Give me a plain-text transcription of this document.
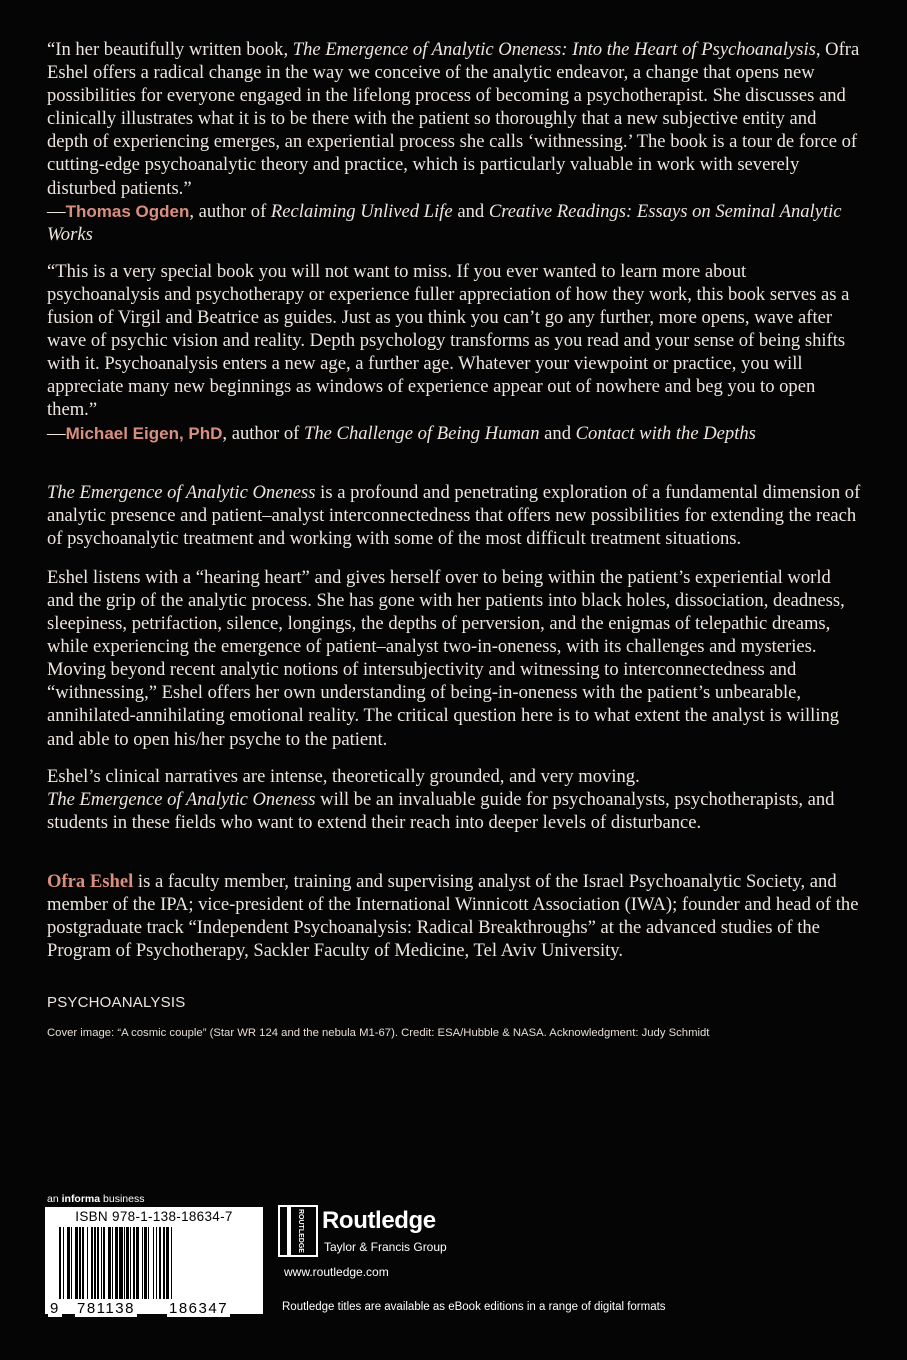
“In her beautifully written book, The Emergence of Analytic Oneness: Into the Heart of Psychoanalysis, Ofra Eshel offers a radical change in the way we conceive of the analytic endeavor, a change that opens new possibilities for everyone engaged in the lifelong process of becoming a psychotherapist. She discusses and clinically illustrates what it is to be there with the patient so thoroughly that a new subjective entity and depth of experiencing emerges, an experiential process she calls ‘withnessing.’ The book is a tour de force of cutting-edge psychoanalytic theory and practice, which is particularly valuable in work with severely disturbed patients.”

—Thomas Ogden, author of Reclaiming Unlived Life and Creative Readings: Essays on Seminal Analytic Works

“This is a very special book you will not want to miss. If you ever wanted to learn more about psychoanalysis and psychotherapy or experience fuller appreciation of how they work, this book serves as a fusion of Virgil and Beatrice as guides. Just as you think you can’t go any further, more opens, wave after wave of psychic vision and reality. Depth psychology transforms as you read and your sense of being shifts with it. Psychoanalysis enters a new age, a further age. Whatever your viewpoint or practice, you will appreciate many new beginnings as windows of experience appear out of nowhere and beg you to open them.”

—Michael Eigen, PhD, author of The Challenge of Being Human and Contact with the Depths

The Emergence of Analytic Oneness is a profound and penetrating exploration of a fundamental dimension of analytic presence and patient–analyst interconnectedness that offers new possibilities for extending the reach of psychoanalytic treatment and working with some of the most difficult treatment situations.

Eshel listens with a “hearing heart” and gives herself over to being within the patient’s experiential world and the grip of the analytic process. She has gone with her patients into black holes, dissociation, deadness, sleepiness, petrifaction, silence, longings, the depths of perversion, and the enigmas of telepathic dreams, while experiencing the emergence of patient–analyst two-in-oneness, with its challenges and mysteries. Moving beyond recent analytic notions of intersubjectivity and witnessing to interconnectedness and “withnessing,” Eshel offers her own understanding of being-in-oneness with the patient’s unbearable, annihilated-annihilating emotional reality. The critical question here is to what extent the analyst is willing and able to open his/her psyche to the patient.

Eshel’s clinical narratives are intense, theoretically grounded, and very moving.
The Emergence of Analytic Oneness will be an invaluable guide for psychoanalysts, psychotherapists, and students in these fields who want to extend their reach into deeper levels of disturbance.

Ofra Eshel is a faculty member, training and supervising analyst of the Israel Psychoanalytic Society, and member of the IPA; vice-president of the International Winnicott Association (IWA); founder and head of the postgraduate track “Independent Psychoanalysis: Radical Breakthroughs” at the advanced studies of the Program of Psychotherapy, Sackler Faculty of Medicine, Tel Aviv University.

PSYCHOANALYSIS
Cover image: “A cosmic couple” (Star WR 124 and the nebula M1-67). Credit: ESA/Hubble & NASA. Acknowledgment: Judy Schmidt
an informa business
ISBN 978-1-138-18634-7
9 781138 186347
ROUTLEDGE Routledge
Taylor & Francis Group
www.routledge.com
Routledge titles are available as eBook editions in a range of digital formats
